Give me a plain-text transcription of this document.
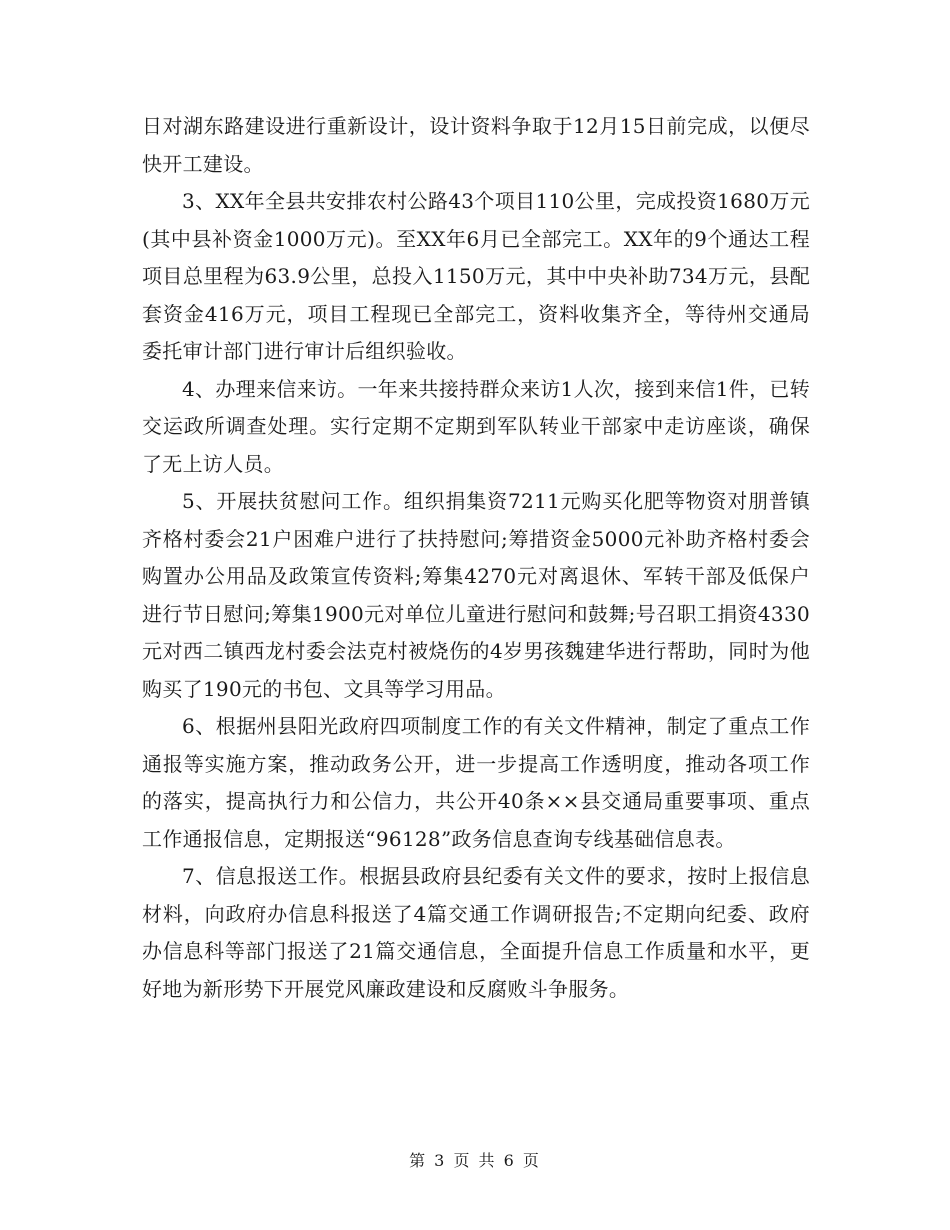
日对湖东路建设进行重新设计，设计资料争取于12月15日前完成，以便尽快开工建设。

3、XX年全县共安排农村公路43个项目110公里，完成投资1680万元(其中县补资金1000万元)。至XX年6月已全部完工。XX年的9个通达工程项目总里程为63.9公里，总投入1150万元，其中中央补助734万元，县配套资金416万元，项目工程现已全部完工，资料收集齐全，等待州交通局委托审计部门进行审计后组织验收。

4、办理来信来访。一年来共接持群众来访1人次，接到来信1件，已转交运政所调查处理。实行定期不定期到军队转业干部家中走访座谈，确保了无上访人员。

5、开展扶贫慰问工作。组织捐集资7211元购买化肥等物资对朋普镇齐格村委会21户困难户进行了扶持慰问;筹措资金5000元补助齐格村委会购置办公用品及政策宣传资料;筹集4270元对离退休、军转干部及低保户进行节日慰问;筹集1900元对单位儿童进行慰问和鼓舞;号召职工捐资4330元对西二镇西龙村委会法克村被烧伤的4岁男孩魏建华进行帮助，同时为他购买了190元的书包、文具等学习用品。

6、根据州县阳光政府四项制度工作的有关文件精神，制定了重点工作通报等实施方案，推动政务公开，进一步提高工作透明度，推动各项工作的落实，提高执行力和公信力，共公开40条××县交通局重要事项、重点工作通报信息，定期报送“96128”政务信息查询专线基础信息表。

7、信息报送工作。根据县政府县纪委有关文件的要求，按时上报信息材料，向政府办信息科报送了4篇交通工作调研报告;不定期向纪委、政府办信息科等部门报送了21篇交通信息，全面提升信息工作质量和水平，更好地为新形势下开展党风廉政建设和反腐败斗争服务。

第 3 页 共 6 页
